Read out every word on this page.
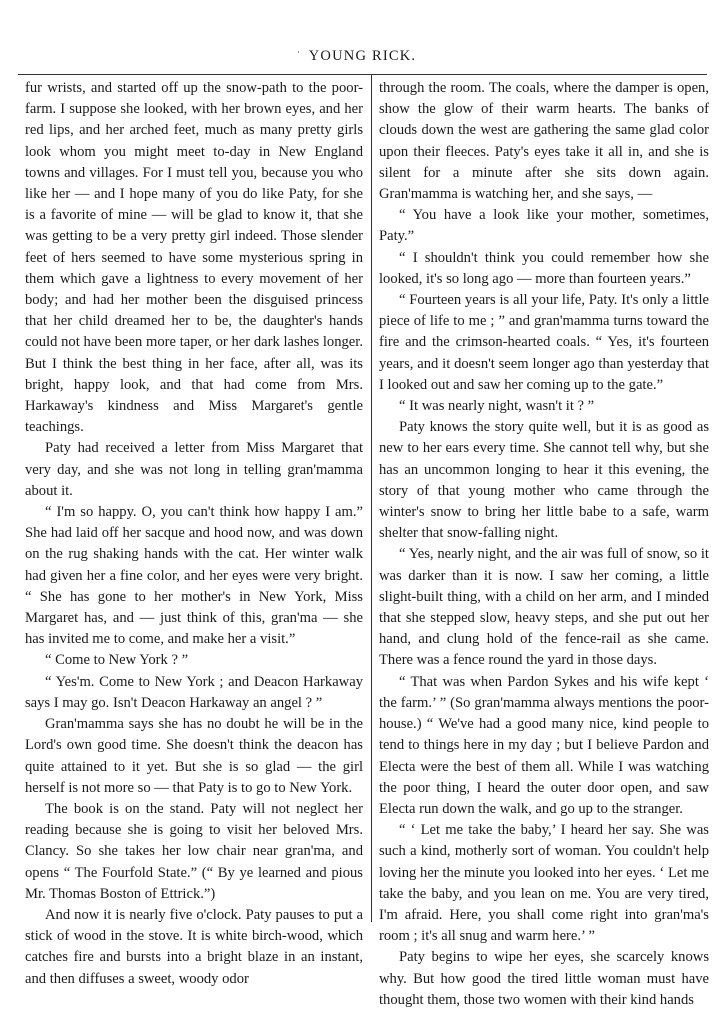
· YOUNG RICK.

fur wrists, and started off up the snow-path to the poor-farm. I suppose she looked, with her brown eyes, and her red lips, and her arched feet, much as many pretty girls look whom you might meet to-day in New England towns and villages. For I must tell you, because you who like her — and I hope many of you do like Paty, for she is a favorite of mine — will be glad to know it, that she was getting to be a very pretty girl indeed. Those slender feet of hers seemed to have some mysterious spring in them which gave a lightness to every movement of her body; and had her mother been the disguised princess that her child dreamed her to be, the daughter's hands could not have been more taper, or her dark lashes longer. But I think the best thing in her face, after all, was its bright, happy look, and that had come from Mrs. Harkaway's kindness and Miss Margaret's gentle teachings.

Paty had received a letter from Miss Margaret that very day, and she was not long in telling gran'mamma about it.

“ I'm so happy. O, you can't think how happy I am.” She had laid off her sacque and hood now, and was down on the rug shaking hands with the cat. Her winter walk had given her a fine color, and her eyes were very bright. “ She has gone to her mother's in New York, Miss Margaret has, and — just think of this, gran'ma — she has invited me to come, and make her a visit.”

“ Come to New York ? ”

“ Yes'm. Come to New York ; and Deacon Harkaway says I may go. Isn't Deacon Harkaway an angel ? ”

Gran'mamma says she has no doubt he will be in the Lord's own good time. She doesn't think the deacon has quite attained to it yet. But she is so glad — the girl herself is not more so — that Paty is to go to New York.

The book is on the stand. Paty will not neglect her reading because she is going to visit her beloved Mrs. Clancy. So she takes her low chair near gran'ma, and opens “ The Fourfold State.” (“ By ye learned and pious Mr. Thomas Boston of Ettrick.”)

And now it is nearly five o'clock. Paty pauses to put a stick of wood in the stove. It is white birch-wood, which catches fire and bursts into a bright blaze in an instant, and then diffuses a sweet, woody odor

through the room. The coals, where the damper is open, show the glow of their warm hearts. The banks of clouds down the west are gathering the same glad color upon their fleeces. Paty's eyes take it all in, and she is silent for a minute after she sits down again. Gran'mamma is watching her, and she says, —

“ You have a look like your mother, sometimes, Paty.”

“ I shouldn't think you could remember how she looked, it's so long ago — more than fourteen years.”

“ Fourteen years is all your life, Paty. It's only a little piece of life to me ; ” and gran'mamma turns toward the fire and the crimson-hearted coals. “ Yes, it's fourteen years, and it doesn't seem longer ago than yesterday that I looked out and saw her coming up to the gate.”

“ It was nearly night, wasn't it ? ”

Paty knows the story quite well, but it is as good as new to her ears every time. She cannot tell why, but she has an uncommon longing to hear it this evening, the story of that young mother who came through the winter's snow to bring her little babe to a safe, warm shelter that snow-falling night.

“ Yes, nearly night, and the air was full of snow, so it was darker than it is now. I saw her coming, a little slight-built thing, with a child on her arm, and I minded that she stepped slow, heavy steps, and she put out her hand, and clung hold of the fence-rail as she came. There was a fence round the yard in those days.

“ That was when Pardon Sykes and his wife kept ‘ the farm.’ ” (So gran'mamma always mentions the poor-house.) “ We've had a good many nice, kind people to tend to things here in my day ; but I believe Pardon and Electa were the best of them all. While I was watching the poor thing, I heard the outer door open, and saw Electa run down the walk, and go up to the stranger.

“ ‘ Let me take the baby,’ I heard her say. She was such a kind, motherly sort of woman. You couldn't help loving her the minute you looked into her eyes. ‘ Let me take the baby, and you lean on me. You are very tired, I'm afraid. Here, you shall come right into gran'ma's room ; it's all snug and warm here.’ ”

Paty begins to wipe her eyes, she scarcely knows why. But how good the tired little woman must have thought them, those two women with their kind hands
